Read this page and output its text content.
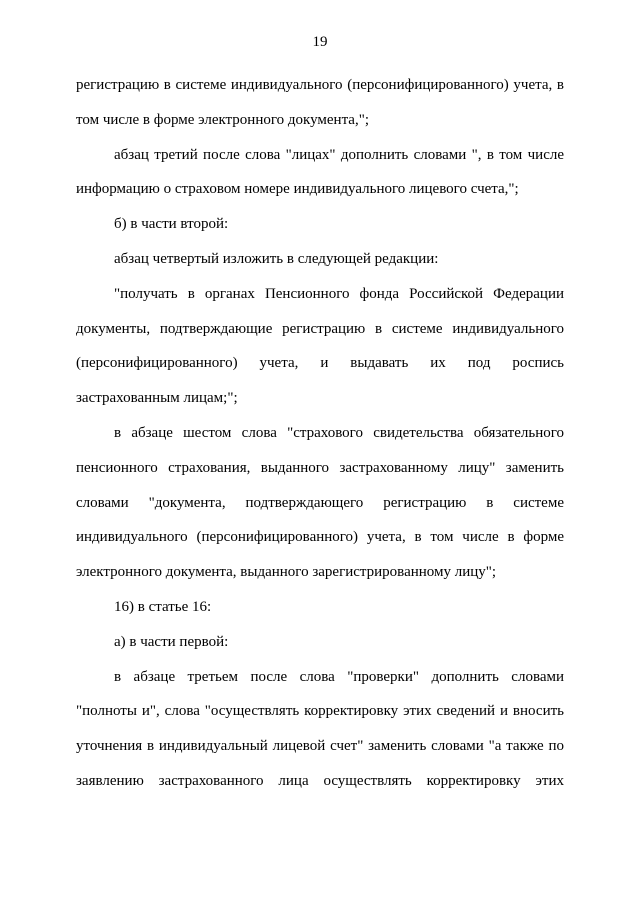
19
регистрацию в системе индивидуального (персонифицированного) учета, в
том числе в форме электронного документа,";
абзац третий после слова "лицах" дополнить словами ", в том числе
информацию о страховом номере индивидуального лицевого счета,";
б) в части второй:
абзац четвертый изложить в следующей редакции:
"получать в органах Пенсионного фонда Российской Федерации
документы, подтверждающие регистрацию в системе индивидуального
(персонифицированного) учета, и выдавать их под роспись
застрахованным лицам;";
в абзаце шестом слова "страхового свидетельства обязательного
пенсионного страхования, выданного застрахованному лицу" заменить
словами "документа, подтверждающего регистрацию в системе
индивидуального (персонифицированного) учета, в том числе в форме
электронного документа, выданного зарегистрированному лицу";
16) в статье 16:
а) в части первой:
в абзаце третьем после слова "проверки" дополнить словами
"полноты и", слова "осуществлять корректировку этих сведений и вносить
уточнения в индивидуальный лицевой счет" заменить словами "а также по
заявлению застрахованного лица осуществлять корректировку этих
